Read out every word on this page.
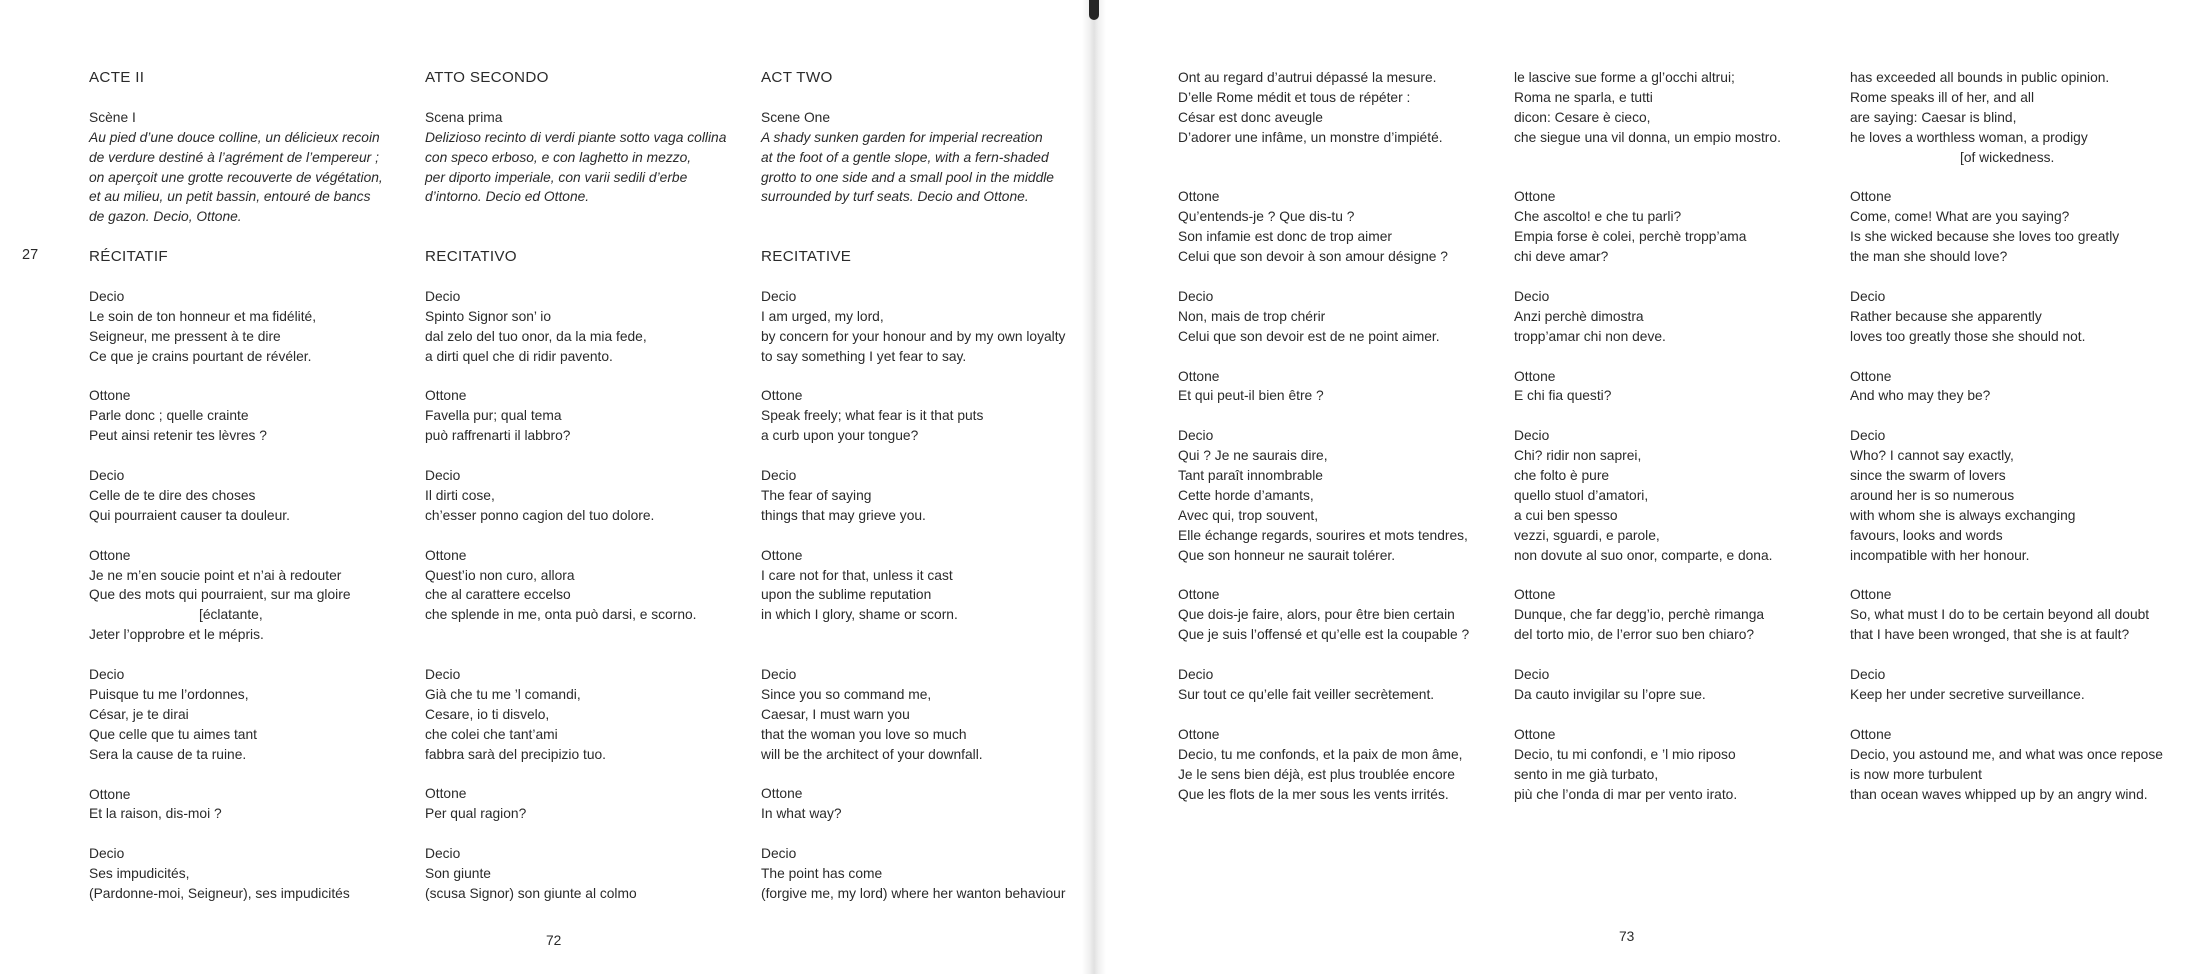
27
ACTE II
Scène I
Au pied d’une douce colline, un délicieux recoin
de verdure destiné à l’agrément de l’empereur ;
on aperçoit une grotte recouverte de végétation,
et au milieu, un petit bassin, entouré de bancs
de gazon. Decio, Ottone.
RÉCITATIF
Decio
Le soin de ton honneur et ma fidélité,
Seigneur, me pressent à te dire
Ce que je crains pourtant de révéler.
Ottone
Parle donc ; quelle crainte
Peut ainsi retenir tes lèvres ?
Decio
Celle de te dire des choses
Qui pourraient causer ta douleur.
Ottone
Je ne m’en soucie point et n’ai à redouter
Que des mots qui pourraient, sur ma gloire
[éclatante,
Jeter l’opprobre et le mépris.
Decio
Puisque tu me l’ordonnes,
César, je te dirai
Que celle que tu aimes tant
Sera la cause de ta ruine.
Ottone
Et la raison, dis-moi ?
Decio
Ses impudicités,
(Pardonne-moi, Seigneur), ses impudicités
ATTO SECONDO
Scena prima
Delizioso recinto di verdi piante sotto vaga collina
con speco erboso, e con laghetto in mezzo,
per diporto imperiale, con varii sedili d’erbe
d’intorno. Decio ed Ottone.
RECITATIVO
Decio
Spinto Signor son’ io
dal zelo del tuo onor, da la mia fede,
a dirti quel che di ridir pavento.
Ottone
Favella pur; qual tema
può raffrenarti il labbro?
Decio
Il dirti cose,
ch’esser ponno cagion del tuo dolore.
Ottone
Quest’io non curo, allora
che al carattere eccelso
che splende in me, onta può darsi, e scorno.
Decio
Già che tu me ’l comandi,
Cesare, io ti disvelo,
che colei che tant’ami
fabbra sarà del precipizio tuo.
Ottone
Per qual ragion?
Decio
Son giunte
(scusa Signor) son giunte al colmo
ACT TWO
Scene One
A shady sunken garden for imperial recreation
at the foot of a gentle slope, with a fern-shaded
grotto to one side and a small pool in the middle
surrounded by turf seats. Decio and Ottone.
RECITATIVE
Decio
I am urged, my lord,
by concern for your honour and by my own loyalty
to say something I yet fear to say.
Ottone
Speak freely; what fear is it that puts
a curb upon your tongue?
Decio
The fear of saying
things that may grieve you.
Ottone
I care not for that, unless it cast
upon the sublime reputation
in which I glory, shame or scorn.
Decio
Since you so command me,
Caesar, I must warn you
that the woman you love so much
will be the architect of your downfall.
Ottone
In what way?
Decio
The point has come
(forgive me, my lord) where her wanton behaviour
72
Ont au regard d’autrui dépassé la mesure.
D’elle Rome médit et tous de répéter :
César est donc aveugle
D’adorer une infâme, un monstre d’impiété.
Ottone
Qu’entends-je ? Que dis-tu ?
Son infamie est donc de trop aimer
Celui que son devoir à son amour désigne ?
Decio
Non, mais de trop chérir
Celui que son devoir est de ne point aimer.
Ottone
Et qui peut-il bien être ?
Decio
Qui ? Je ne saurais dire,
Tant paraît innombrable
Cette horde d’amants,
Avec qui, trop souvent,
Elle échange regards, sourires et mots tendres,
Que son honneur ne saurait tolérer.
Ottone
Que dois-je faire, alors, pour être bien certain
Que je suis l’offensé et qu’elle est la coupable ?
Decio
Sur tout ce qu’elle fait veiller secrètement.
Ottone
Decio, tu me confonds, et la paix de mon âme,
Je le sens bien déjà, est plus troublée encore
Que les flots de la mer sous les vents irrités.
le lascive sue forme a gl’occhi altrui;
Roma ne sparla, e tutti
dicon: Cesare è cieco,
che siegue una vil donna, un empio mostro.
Ottone
Che ascolto! e che tu parli?
Empia forse è colei, perchè tropp’ama
chi deve amar?
Decio
Anzi perchè dimostra
tropp’amar chi non deve.
Ottone
E chi fia questi?
Decio
Chi? ridir non saprei,
che folto è pure
quello stuol d’amatori,
a cui ben spesso
vezzi, sguardi, e parole,
non dovute al suo onor, comparte, e dona.
Ottone
Dunque, che far degg’io, perchè rimanga
del torto mio, de l’error suo ben chiaro?
Decio
Da cauto invigilar su l’opre sue.
Ottone
Decio, tu mi confondi, e ’l mio riposo
sento in me già turbato,
più che l’onda di mar per vento irato.
has exceeded all bounds in public opinion.
Rome speaks ill of her, and all
are saying: Caesar is blind,
he loves a worthless woman, a prodigy
[of wickedness.
Ottone
Come, come! What are you saying?
Is she wicked because she loves too greatly
the man she should love?
Decio
Rather because she apparently
loves too greatly those she should not.
Ottone
And who may they be?
Decio
Who? I cannot say exactly,
since the swarm of lovers
around her is so numerous
with whom she is always exchanging
favours, looks and words
incompatible with her honour.
Ottone
So, what must I do to be certain beyond all doubt
that I have been wronged, that she is at fault?
Decio
Keep her under secretive surveillance.
Ottone
Decio, you astound me, and what was once repose
is now more turbulent
than ocean waves whipped up by an angry wind.
73
